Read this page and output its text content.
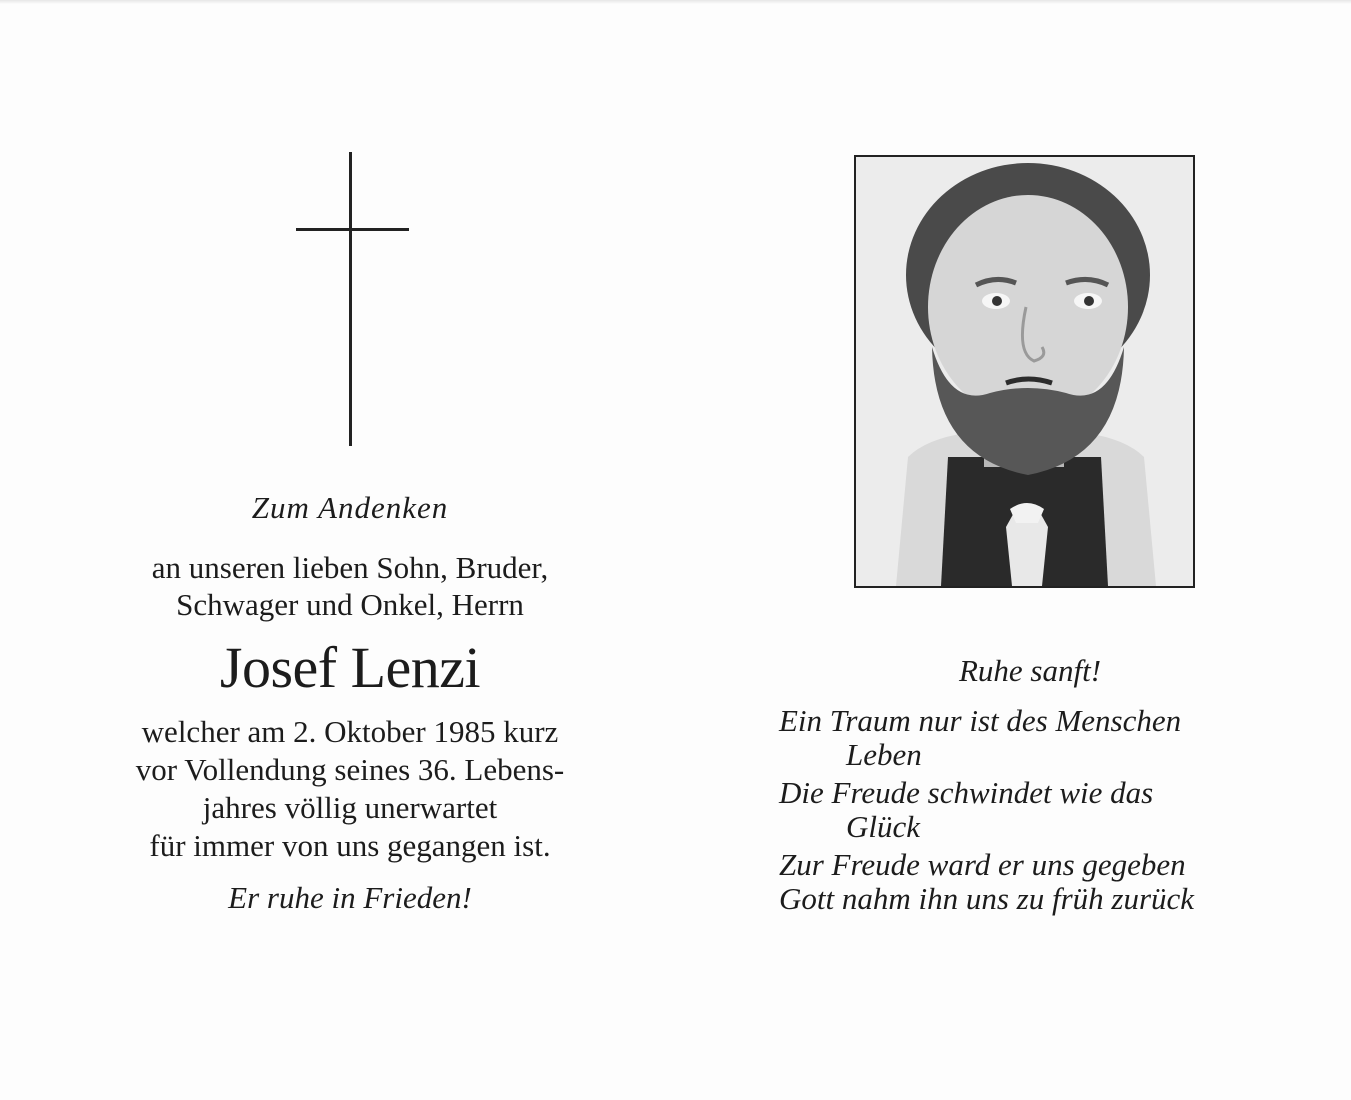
Zum Andenken

an unseren lieben Sohn, Bruder,
Schwager und Onkel, Herrn
Josef Lenzi
welcher am 2. Oktober 1985 kurz
vor Vollendung seines 36. Lebens-
jahres völlig unerwartet
für immer von uns gegangen ist.
Er ruhe in Frieden!
Ruhe sanft!
Ein Traum nur ist des Menschen
Leben
Die Freude schwindet wie das
Glück
Zur Freude ward er uns gegeben
Gott nahm ihn uns zu früh zurück
